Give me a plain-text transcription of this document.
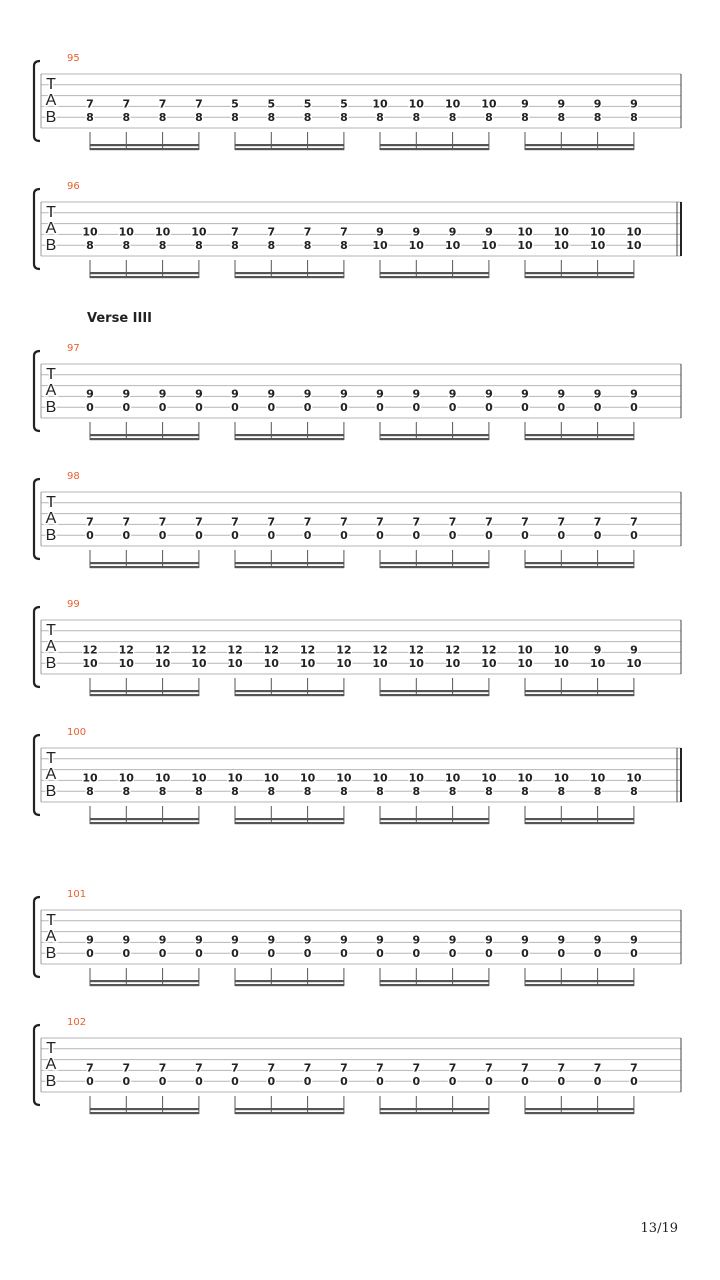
Verse IIII
13/19
95
T
A
B
7
8
7
8
7
8
7
8
5
8
5
8
5
8
5
8
10
8
10
8
10
8
10
8
9
8
9
8
9
8
9
8
96
T
A
B
10
8
10
8
10
8
10
8
7
8
7
8
7
8
7
8
9
10
9
10
9
10
9
10
10
10
10
10
10
10
10
10
97
T
A
B
9
0
9
0
9
0
9
0
9
0
9
0
9
0
9
0
9
0
9
0
9
0
9
0
9
0
9
0
9
0
9
0
98
T
A
B
7
0
7
0
7
0
7
0
7
0
7
0
7
0
7
0
7
0
7
0
7
0
7
0
7
0
7
0
7
0
7
0
99
T
A
B
12
10
12
10
12
10
12
10
12
10
12
10
12
10
12
10
12
10
12
10
12
10
12
10
10
10
10
10
9
10
9
10
100
T
A
B
10
8
10
8
10
8
10
8
10
8
10
8
10
8
10
8
10
8
10
8
10
8
10
8
10
8
10
8
10
8
10
8
101
T
A
B
9
0
9
0
9
0
9
0
9
0
9
0
9
0
9
0
9
0
9
0
9
0
9
0
9
0
9
0
9
0
9
0
102
T
A
B
7
0
7
0
7
0
7
0
7
0
7
0
7
0
7
0
7
0
7
0
7
0
7
0
7
0
7
0
7
0
7
0
